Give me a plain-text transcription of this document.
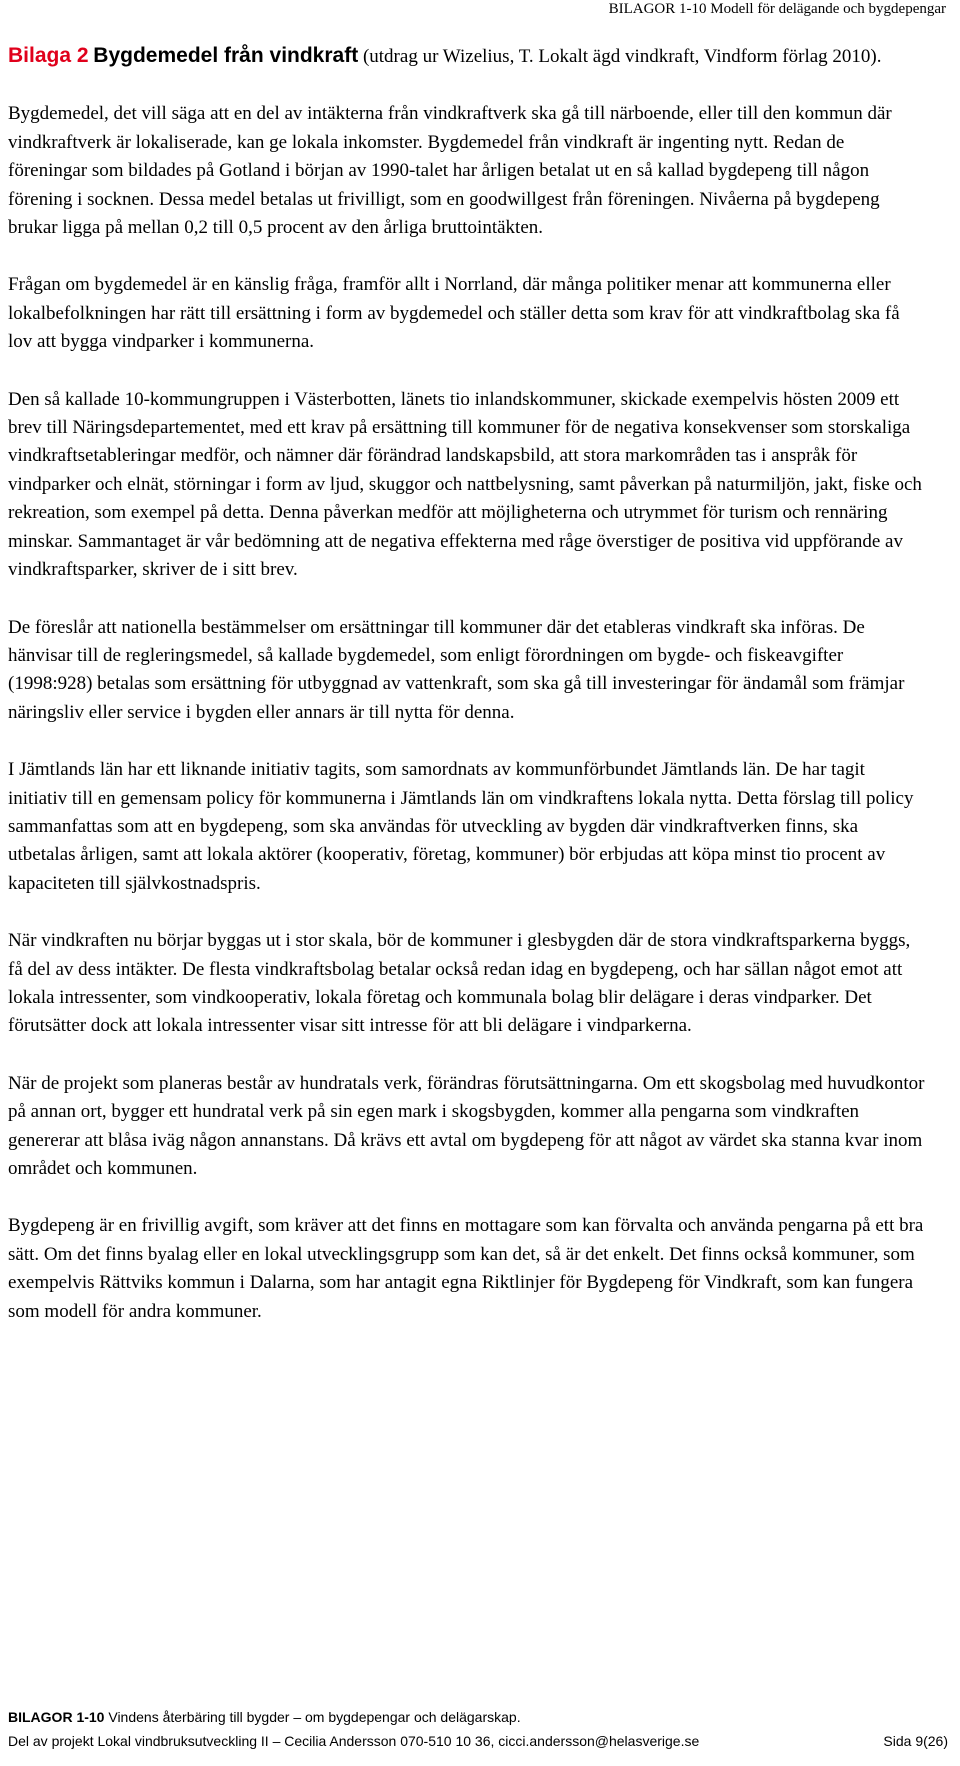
BILAGOR 1-10 Modell för delägande och bygdepengar

Bilaga 2 Bygdemedel från vindkraft (utdrag ur Wizelius, T. Lokalt ägd vindkraft, Vindform förlag 2010).

Bygdemedel, det vill säga att en del av intäkterna från vindkraftverk ska gå till närboende, eller till den kommun där vindkraftverk är lokaliserade, kan ge lokala inkomster. Bygdemedel från vindkraft är ingenting nytt. Redan de föreningar som bildades på Gotland i början av 1990-talet har årligen betalat ut en så kallad bygdepeng till någon förening i socknen. Dessa medel betalas ut frivilligt, som en goodwillgest från föreningen. Nivåerna på bygdepeng brukar ligga på mellan 0,2 till 0,5 procent av den årliga bruttointäkten.

Frågan om bygdemedel är en känslig fråga, framför allt i Norrland, där många politiker menar att kommunerna eller lokalbefolkningen har rätt till ersättning i form av bygdemedel och ställer detta som krav för att vindkraftbolag ska få lov att bygga vindparker i kommunerna.

Den så kallade 10-kommungruppen i Västerbotten, länets tio inlandskommuner, skickade exempelvis hösten 2009 ett brev till Näringsdepartementet, med ett krav på ersättning till kommuner för de negativa konsekvenser som storskaliga vindkraftsetableringar medför, och nämner där förändrad landskapsbild, att stora markområden tas i anspråk för vindparker och elnät, störningar i form av ljud, skuggor och nattbelysning, samt påverkan på naturmiljön, jakt, fiske och rekreation, som exempel på detta. Denna påverkan medför att möjligheterna och utrymmet för turism och rennäring minskar. Sammantaget är vår bedömning att de negativa effekterna med råge överstiger de positiva vid uppförande av vindkraftsparker, skriver de i sitt brev.

De föreslår att nationella bestämmelser om ersättningar till kommuner där det etableras vindkraft ska införas. De hänvisar till de regleringsmedel, så kallade bygdemedel, som enligt förordningen om bygde- och fiskeavgifter (1998:928) betalas som ersättning för utbyggnad av vattenkraft, som ska gå till investeringar för ändamål som främjar näringsliv eller service i bygden eller annars är till nytta för denna.

I Jämtlands län har ett liknande initiativ tagits, som samordnats av kommunförbundet Jämtlands län. De har tagit initiativ till en gemensam policy för kommunerna i Jämtlands län om vindkraftens lokala nytta. Detta förslag till policy sammanfattas som att en bygdepeng, som ska användas för utveckling av bygden där vindkraftverken finns, ska utbetalas årligen, samt att lokala aktörer (kooperativ, företag, kommuner) bör erbjudas att köpa minst tio procent av kapaciteten till självkostnadspris.

När vindkraften nu börjar byggas ut i stor skala, bör de kommuner i glesbygden där de stora vindkraftsparkerna byggs, få del av dess intäkter. De flesta vindkraftsbolag betalar också redan idag en bygdepeng, och har sällan något emot att lokala intressenter, som vindkooperativ, lokala företag och kommunala bolag blir delägare i deras vindparker. Det förutsätter dock att lokala intressenter visar sitt intresse för att bli delägare i vindparkerna.

När de projekt som planeras består av hundratals verk, förändras förutsättningarna. Om ett skogsbolag med huvudkontor på annan ort, bygger ett hundratal verk på sin egen mark i skogsbygden, kommer alla pengarna som vindkraften genererar att blåsa iväg någon annanstans. Då krävs ett avtal om bygdepeng för att något av värdet ska stanna kvar inom området och kommunen.

Bygdepeng är en frivillig avgift, som kräver att det finns en mottagare som kan förvalta och använda pengarna på ett bra sätt. Om det finns byalag eller en lokal utvecklingsgrupp som kan det, så är det enkelt. Det finns också kommuner, som exempelvis Rättviks kommun i Dalarna, som har antagit egna Riktlinjer för Bygdepeng för Vindkraft, som kan fungera som modell för andra kommuner.

BILAGOR 1-10 Vindens återbäring till bygder – om bygdepengar och delägarskap.
Del av projekt Lokal vindbruksutveckling II – Cecilia Andersson 070-510 10 36, cicci.andersson@helasverige.se	Sida 9(26)
